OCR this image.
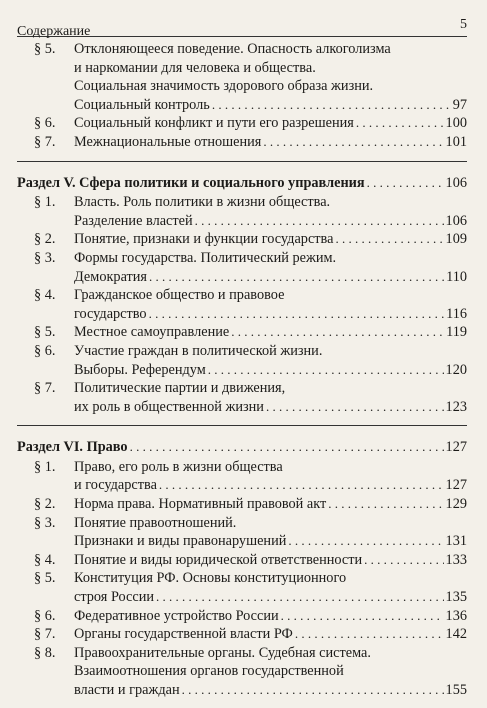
Содержание	5
§ 5. Отклоняющееся поведение. Опасность алкоголизма
и наркомании для человека и общества.
Социальная значимость здорового образа жизни.
Социальный контроль . . .	97
§ 6. Социальный конфликт и пути его разрешения . . .	100
§ 7. Межнациональные отношения . . .	101
Раздел V. Сфера политики и социального управления . . .	106
§ 1. Власть. Роль политики в жизни общества.
Разделение властей . . .	106
§ 2. Понятие, признаки и функции государства . . .	109
§ 3. Формы государства. Политический режим.
Демократия . . .	110
§ 4. Гражданское общество и правовое
государство . . .	116
§ 5. Местное самоуправление . . .	119
§ 6. Участие граждан в политической жизни.
Выборы. Референдум . . .	120
§ 7. Политические партии и движения,
их роль в общественной жизни . . .	123
Раздел VI. Право . . .	127
§ 1. Право, его роль в жизни общества
и государства . . .	127
§ 2. Норма права. Нормативный правовой акт . . .	129
§ 3. Понятие правоотношений.
Признаки и виды правонарушений . . .	131
§ 4. Понятие и виды юридической ответственности . . .	133
§ 5. Конституция РФ. Основы конституционного
строя России . . .	135
§ 6. Федеративное устройство России . . .	136
§ 7. Органы государственной власти РФ . . .	142
§ 8. Правоохранительные органы. Судебная система.
Взаимоотношения органов государственной
власти и граждан . . .	155
